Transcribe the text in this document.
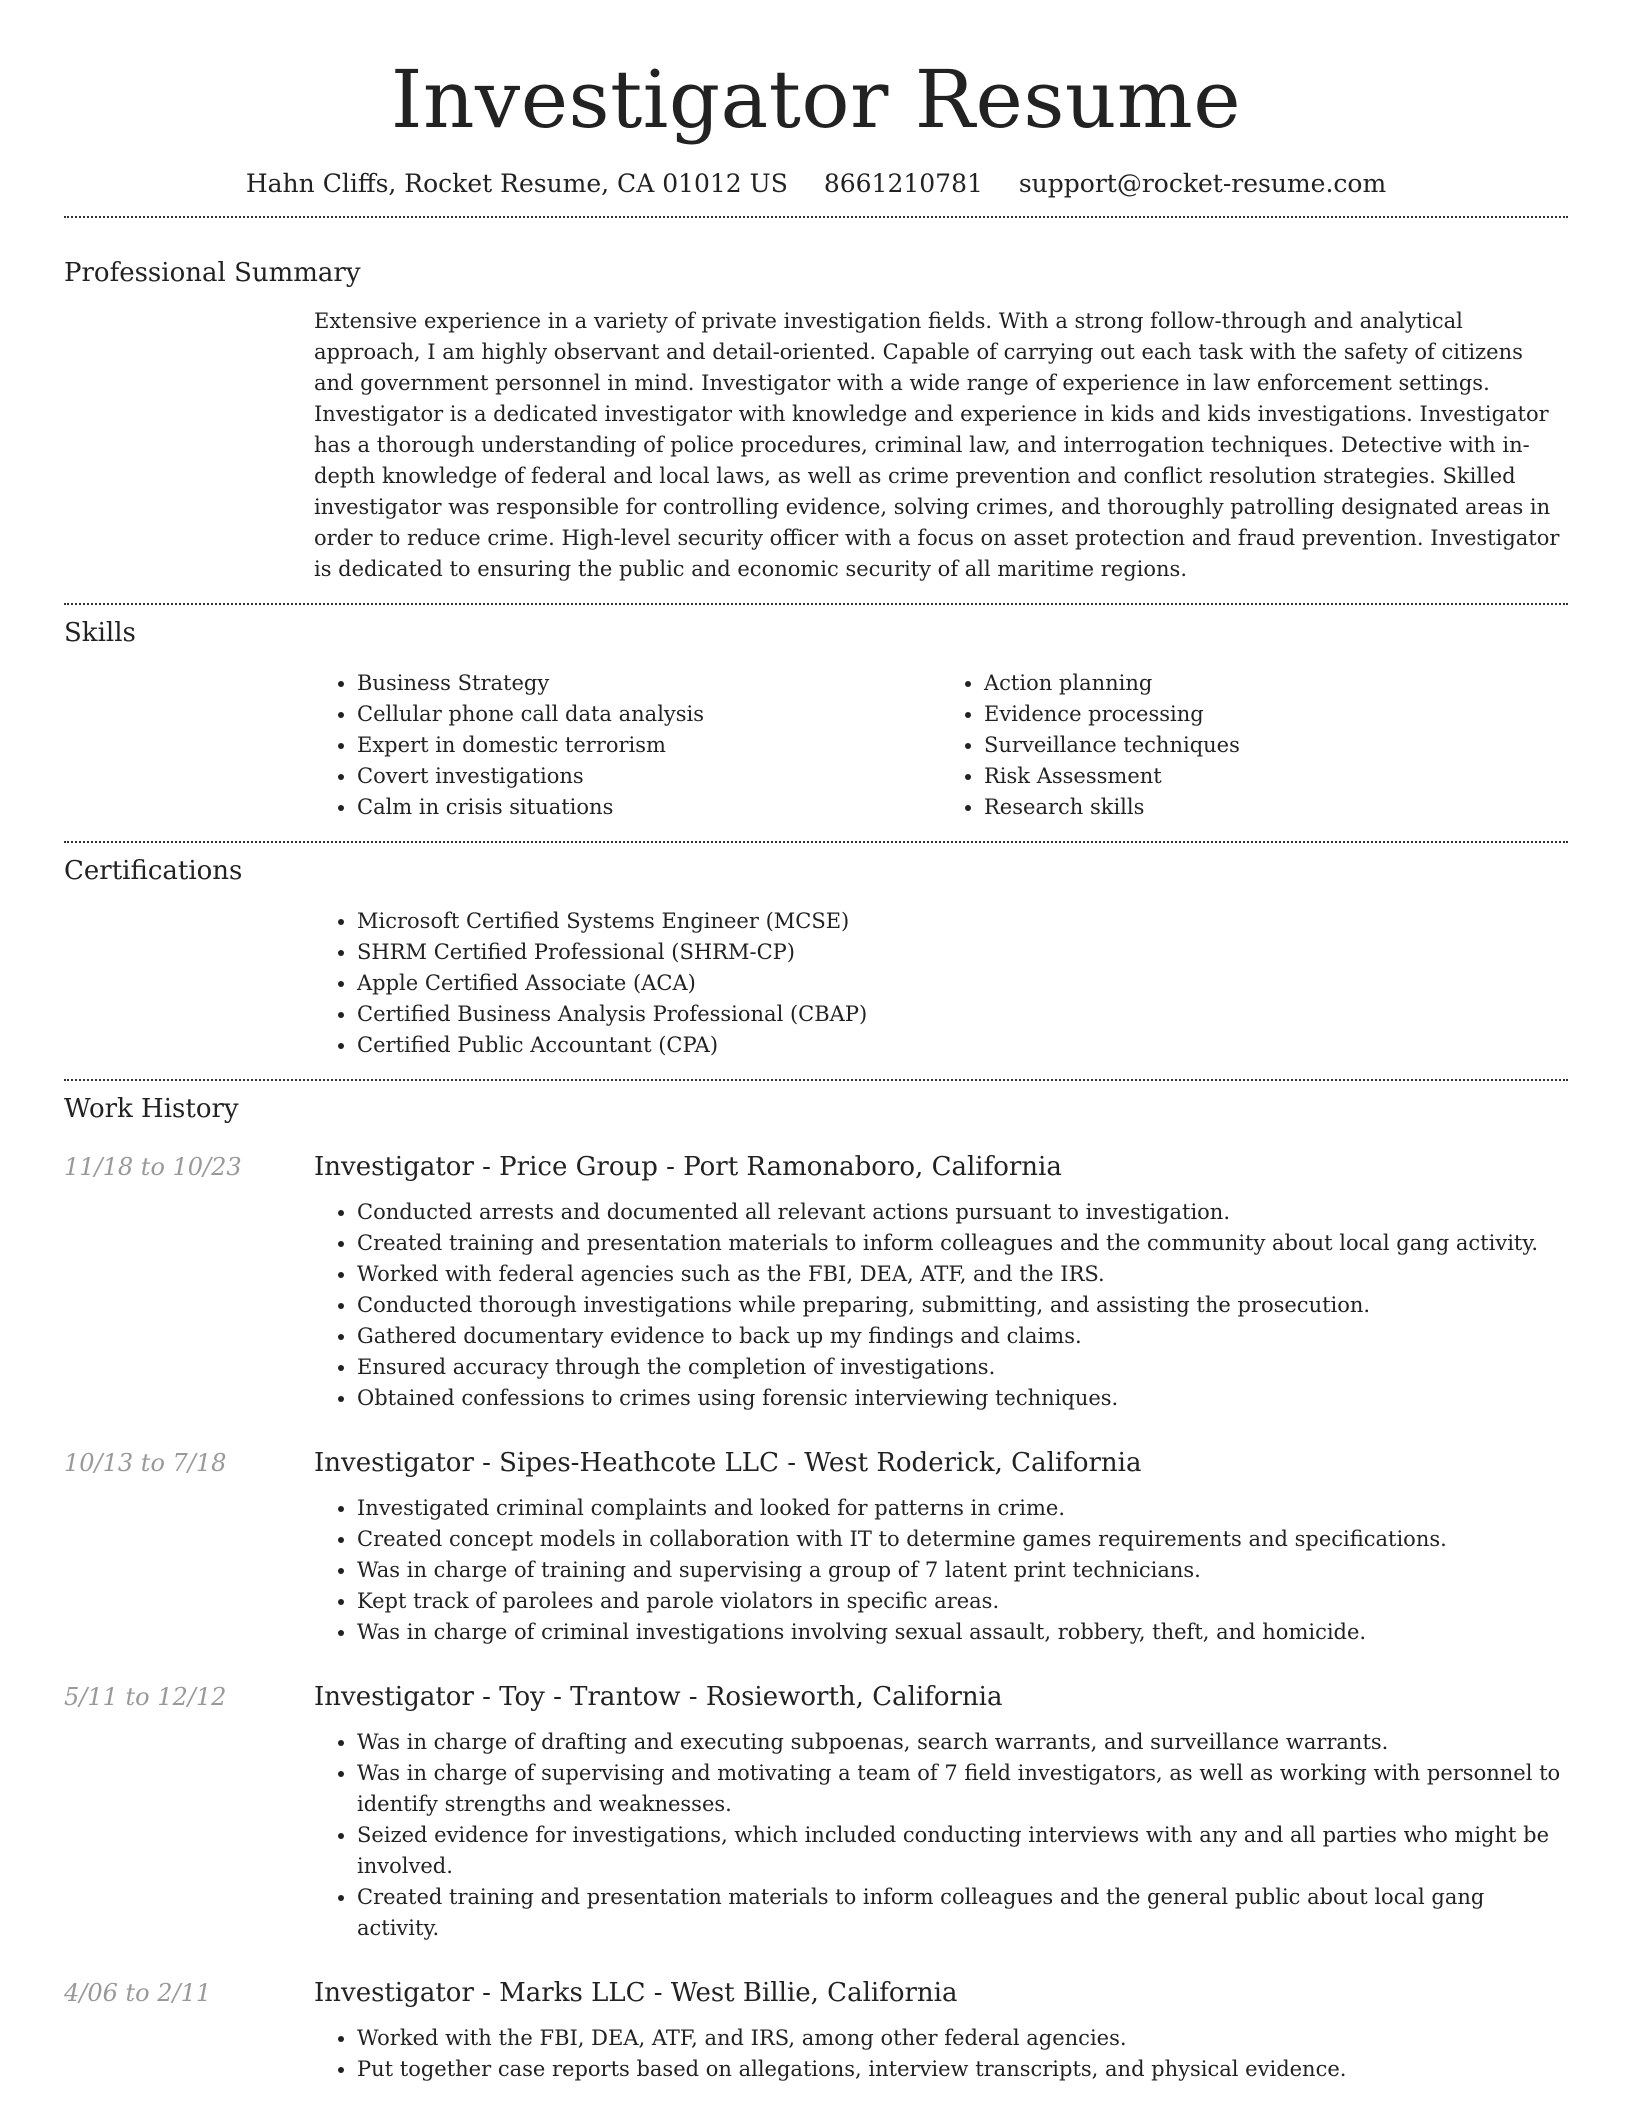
Investigator Resume
Hahn Cliffs, Rocket Resume, CA 01012 US 8661210781 support@rocket-resume.com
Professional Summary
Extensive experience in a variety of private investigation fields. With a strong follow-through and analytical approach, I am highly observant and detail-oriented. Capable of carrying out each task with the safety of citizens and government personnel in mind. Investigator with a wide range of experience in law enforcement settings. Investigator is a dedicated investigator with knowledge and experience in kids and kids investigations. Investigator has a thorough understanding of police procedures, criminal law, and interrogation techniques. Detective with in-depth knowledge of federal and local laws, as well as crime prevention and conflict resolution strategies. Skilled investigator was responsible for controlling evidence, solving crimes, and thoroughly patrolling designated areas in order to reduce crime. High-level security officer with a focus on asset protection and fraud prevention. Investigator is dedicated to ensuring the public and economic security of all maritime regions.
Skills
• Business Strategy
• Cellular phone call data analysis
• Expert in domestic terrorism
• Covert investigations
• Calm in crisis situations
• Action planning
• Evidence processing
• Surveillance techniques
• Risk Assessment
• Research skills
Certifications
• Microsoft Certified Systems Engineer (MCSE)
• SHRM Certified Professional (SHRM-CP)
• Apple Certified Associate (ACA)
• Certified Business Analysis Professional (CBAP)
• Certified Public Accountant (CPA)
Work History
11/18 to 10/23	Investigator - Price Group - Port Ramonaboro, California
• Conducted arrests and documented all relevant actions pursuant to investigation.
• Created training and presentation materials to inform colleagues and the community about local gang activity.
• Worked with federal agencies such as the FBI, DEA, ATF, and the IRS.
• Conducted thorough investigations while preparing, submitting, and assisting the prosecution.
• Gathered documentary evidence to back up my findings and claims.
• Ensured accuracy through the completion of investigations.
• Obtained confessions to crimes using forensic interviewing techniques.
10/13 to 7/18	Investigator - Sipes-Heathcote LLC - West Roderick, California
• Investigated criminal complaints and looked for patterns in crime.
• Created concept models in collaboration with IT to determine games requirements and specifications.
• Was in charge of training and supervising a group of 7 latent print technicians.
• Kept track of parolees and parole violators in specific areas.
• Was in charge of criminal investigations involving sexual assault, robbery, theft, and homicide.
5/11 to 12/12	Investigator - Toy - Trantow - Rosieworth, California
• Was in charge of drafting and executing subpoenas, search warrants, and surveillance warrants.
• Was in charge of supervising and motivating a team of 7 field investigators, as well as working with personnel to identify strengths and weaknesses.
• Seized evidence for investigations, which included conducting interviews with any and all parties who might be involved.
• Created training and presentation materials to inform colleagues and the general public about local gang activity.
4/06 to 2/11	Investigator - Marks LLC - West Billie, California
• Worked with the FBI, DEA, ATF, and IRS, among other federal agencies.
• Put together case reports based on allegations, interview transcripts, and physical evidence.
